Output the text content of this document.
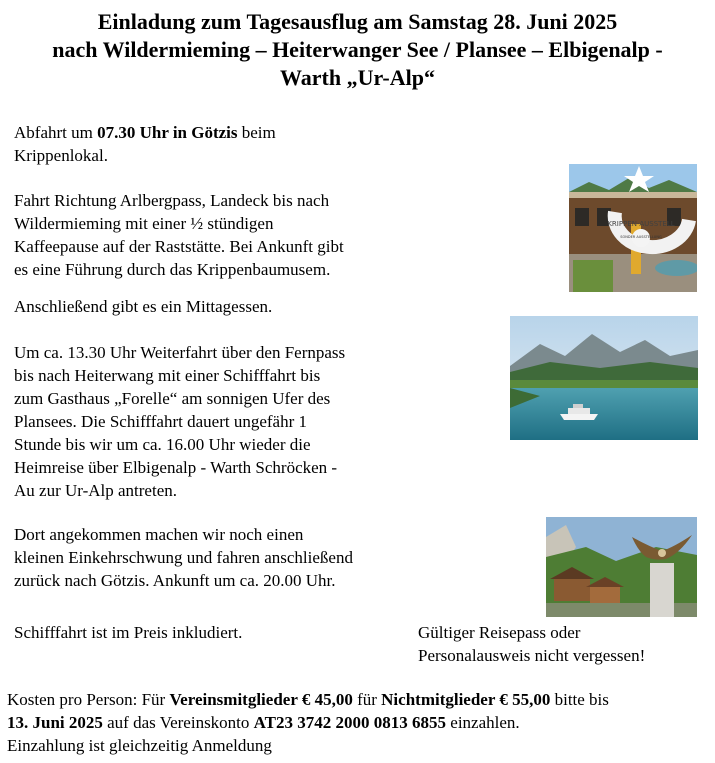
Einladung zum Tagesausflug am Samstag 28. Juni 2025
nach Wildermieming – Heiterwanger See / Plansee – Elbigenalp -
Warth „Ur-Alp“
Abfahrt um 07.30 Uhr in Götzis beim
Krippenlokal.
Fahrt Richtung Arlbergpass, Landeck bis nach
Wildermieming mit einer ½ stündigen
Kaffeepause auf der Raststätte. Bei Ankunft gibt
es eine Führung durch das Krippenbaumusem.
Anschließend gibt es ein Mittagessen.
Um ca. 13.30 Uhr Weiterfahrt über den Fernpass
bis nach Heiterwang mit einer Schifffahrt bis
zum Gasthaus „Forelle“ am sonnigen Ufer des
Plansees. Die Schifffahrt dauert ungefähr 1
Stunde bis wir um ca. 16.00 Uhr wieder die
Heimreise über Elbigenalp - Warth Schröcken -
Au zur Ur-Alp antreten.
Dort angekommen machen wir noch einen
kleinen Einkehrschwung und fahren anschließend
zurück nach Götzis. Ankunft um ca. 20.00 Uhr.
Schifffahrt ist im Preis inkludiert.	Gültiger Reisepass oder
Personalausweis nicht vergessen!
Kosten pro Person: Für Vereinsmitglieder € 45,00 für Nichtmitglieder € 55,00 bitte bis
13. Juni 2025 auf das Vereinskonto AT23 3742 2000 0813 6855 einzahlen.
Einzahlung ist gleichzeitig Anmeldung
KRIPPEN-AUSSTELL
SONDER AUSSTELLUNG
